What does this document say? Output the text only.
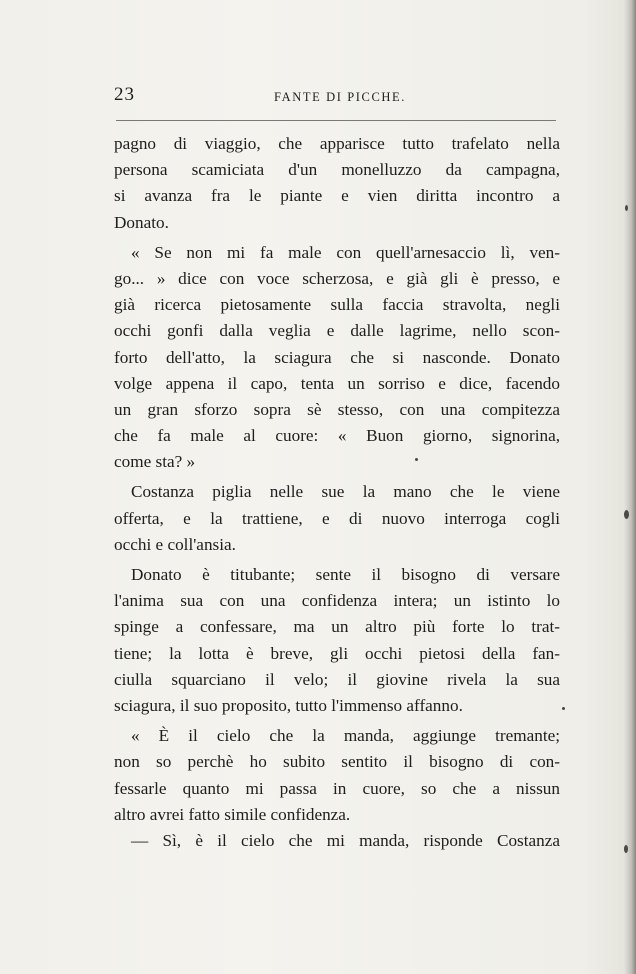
23	FANTE DI PICCHE.
pagno di viaggio, che apparisce tutto trafelato nella
persona scamiciata d'un monelluzzo da campagna,
si avanza fra le piante e vien diritta incontro a
Donato.
« Se non mi fa male con quell'arnesaccio lì, ven-
go... » dice con voce scherzosa, e già gli è presso, e
già ricerca pietosamente sulla faccia stravolta, negli
occhi gonfi dalla veglia e dalle lagrime, nello scon-
forto dell'atto, la sciagura che si nasconde. Donato
volge appena il capo, tenta un sorriso e dice, facendo
un gran sforzo sopra sè stesso, con una compitezza
che fa male al cuore: « Buon giorno, signorina,
come sta? »
Costanza piglia nelle sue la mano che le viene
offerta, e la trattiene, e di nuovo interroga cogli
occhi e coll'ansia.
Donato è titubante; sente il bisogno di versare
l'anima sua con una confidenza intera; un istinto lo
spinge a confessare, ma un altro più forte lo trat-
tiene; la lotta è breve, gli occhi pietosi della fan-
ciulla squarciano il velo; il giovine rivela la sua
sciagura, il suo proposito, tutto l'immenso affanno.
« È il cielo che la manda, aggiunge tremante;
non so perchè ho subito sentito il bisogno di con-
fessarle quanto mi passa in cuore, so che a nissun
altro avrei fatto simile confidenza.
— Sì, è il cielo che mi manda, risponde Costanza
